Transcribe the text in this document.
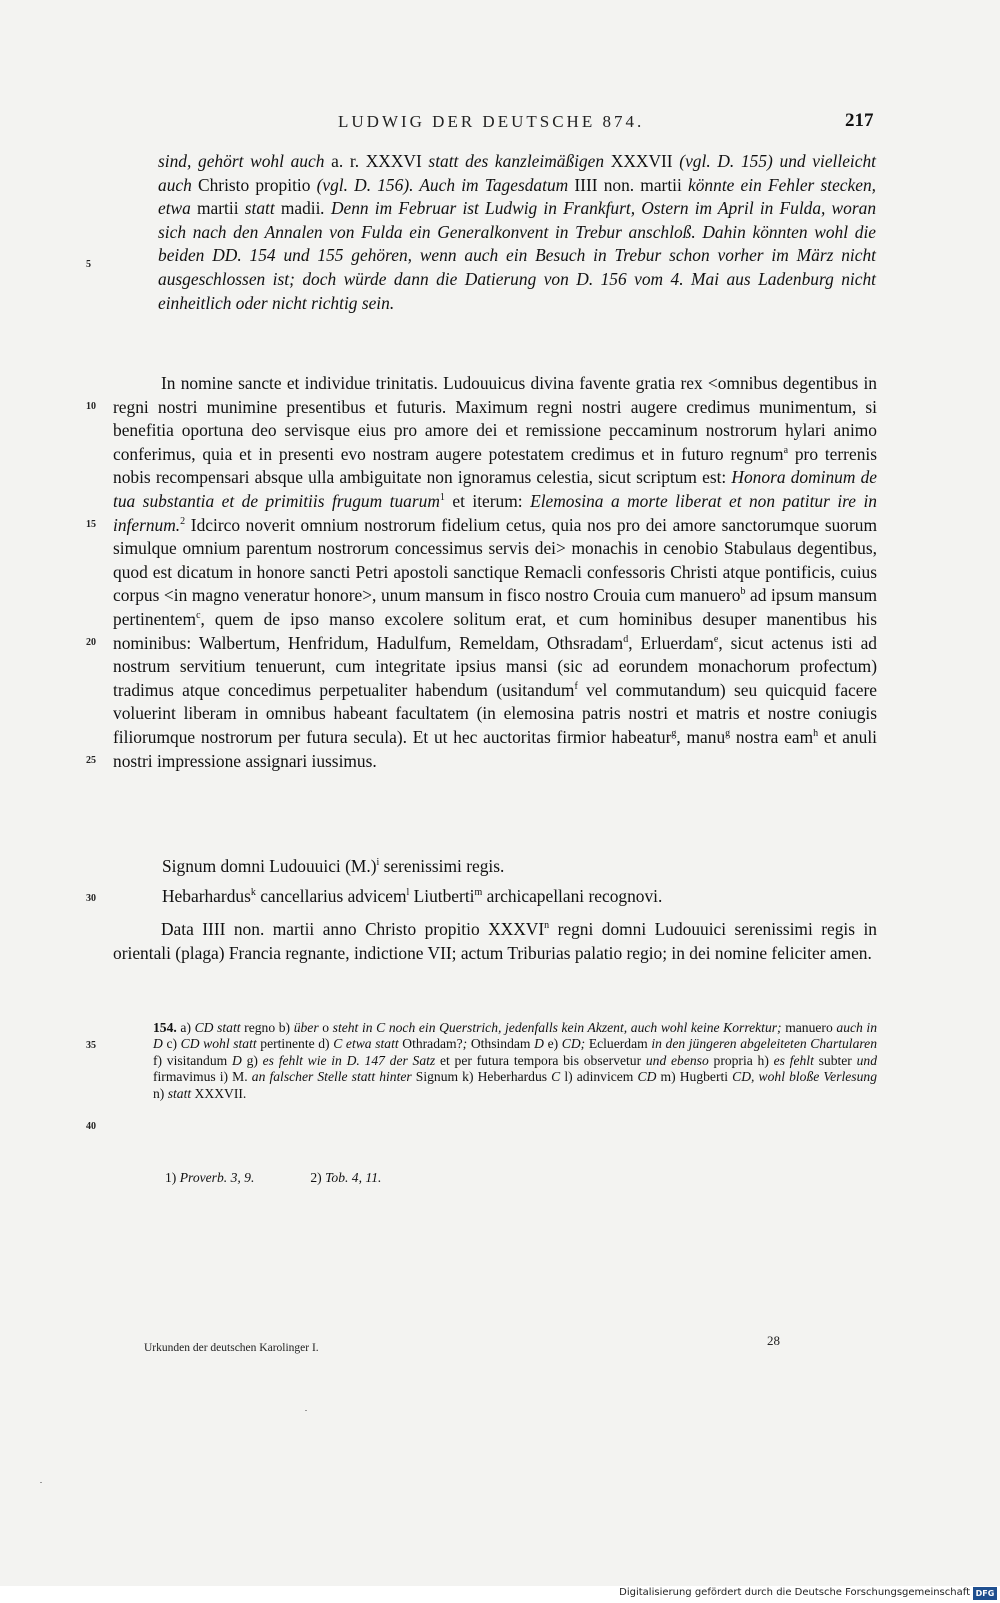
LUDWIG DER DEUTSCHE 874.	217

sind, gehört wohl auch a. r. XXXVI statt des kanzleimäßigen XXXVII (vgl. D. 155) und vielleicht auch Christo propitio (vgl. D. 156). Auch im Tagesdatum IIII non. martii könnte ein Fehler stecken, etwa martii statt madii. Denn im Februar ist Ludwig in Frankfurt, Ostern im April in Fulda, woran sich nach den Annalen von Fulda ein Generalkonvent in Trebur anschloß. Dahin könnten wohl die beiden DD. 154 und 155 gehören, wenn auch ein Besuch in Trebur schon vorher im März nicht ausgeschlossen ist; doch würde dann die Datierung von D. 156 vom 4. Mai aus Ladenburg nicht einheitlich oder nicht richtig sein.

In nomine sancte et individue trinitatis. Ludouuicus divina favente gratia rex <omnibus degentibus in regni nostri munimine presentibus et futuris. Maximum regni nostri augere credimus munimentum, si benefitia oportuna deo servisque eius pro amore dei et remissione peccaminum nostrorum hylari animo conferimus, quia et in presenti evo nostram augere potestatem credimus et in futuro regnum$^a$ pro terrenis nobis recompensari absque ulla ambiguitate non ignoramus celestia, sicut scriptum est: Honora dominum de tua substantia et de primitiis frugum tuarum$^1$ et iterum: Elemosina a morte liberat et non patitur ire in infernum.$^2$ Idcirco noverit omnium nostrorum fidelium cetus, quia nos pro dei amore sanctorumque suorum simulque omnium parentum nostrorum concessimus servis dei> monachis in cenobio Stabulaus degentibus, quod est dicatum in honore sancti Petri apostoli sanctique Remacli confessoris Christi atque pontificis, cuius corpus <in magno veneratur honore>, unum mansum in fisco nostro Crouia cum manuero$^b$ ad ipsum mansum pertinentem$^c$, quem de ipso manso excolere solitum erat, et cum hominibus desuper manentibus his nominibus: Walbertum, Henfridum, Hadulfum, Remeldam, Othsradam$^d$, Erluerdam$^e$, sicut actenus isti ad nostrum servitium tenuerunt, cum integritate ipsius mansi (sic ad eorundem monachorum profectum) tradimus atque concedimus perpetualiter habendum (usitandum$^f$ vel commutandum) seu quicquid facere voluerint liberam in omnibus habeant facultatem (in elemosina patris nostri et matris et nostre coniugis filiorumque nostrorum per futura secula). Et ut hec auctoritas firmior habeatur$^g$, manu$^g$ nostra eam$^h$ et anuli nostri impressione assignari iussimus.

Signum domni Ludouuici $(M.)^i$ serenissimi regis.
Hebarhardus$^k$ cancellarius advicem$^l$ Liutberti$^m$ archicapellani recognovi.

Data IIII non. martii anno Christo propitio XXXVI$^n$ regni domni Ludouuici serenissimi regis in orientali (plaga) Francia regnante, indictione VII; actum Triburias palatio regio; in dei nomine feliciter amen.

154. a) CD statt regno b) über o steht in C noch ein Querstrich, jedenfalls kein Akzent, auch wohl keine Korrektur; manuero auch in D c) CD wohl statt pertinente d) C etwa statt Othradam?; Othsindam D e) CD; Ecluerdam in den jüngeren abgeleiteten Chartularen f) visitandum D g) es fehlt wie in D. 147 der Satz et per futura tempora bis observetur und ebenso propria h) es fehlt subter und firmavimus i) M. an falscher Stelle statt hinter Signum k) Heberhardus C l) adinvicem CD m) Hugberti CD, wohl bloße Verlesung n) statt XXXVII.

1) Proverb. 3, 9.	2) Tob. 4, 11.
5
10
15
20
25
30
35
40
Urkunden der deutschen Karolinger I.	28
Digitalisierung gefördert durch die Deutsche Forschungsgemeinschaft DFG
